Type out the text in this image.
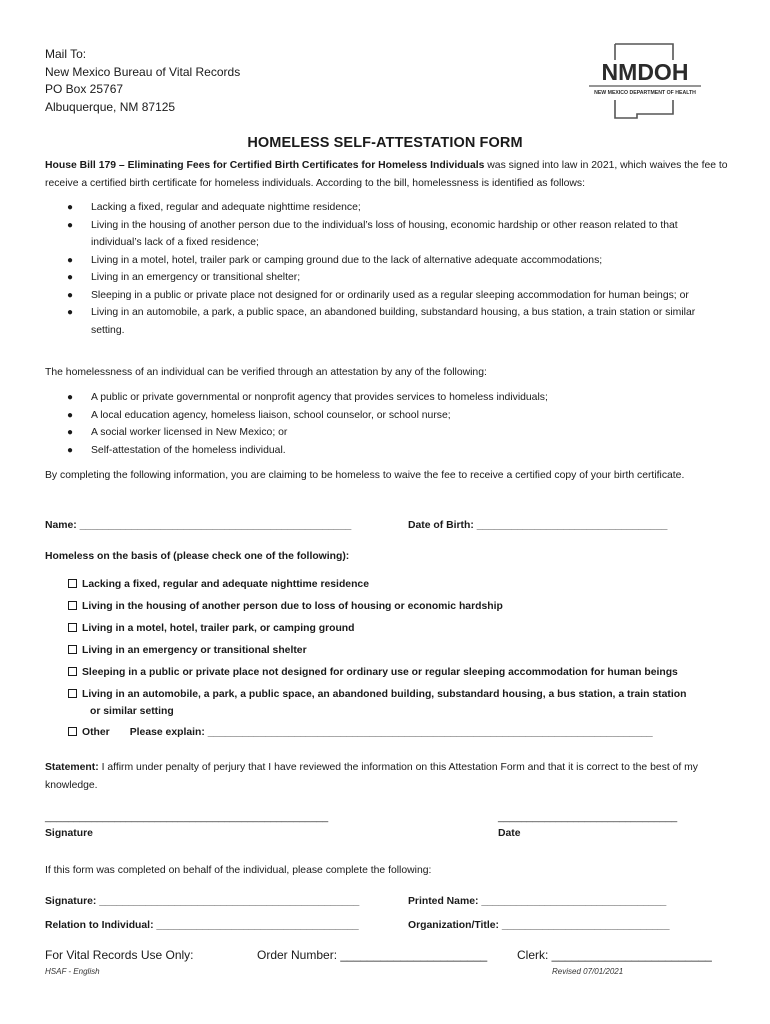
Mail To:
New Mexico Bureau of Vital Records
PO Box 25767
Albuquerque, NM 87125
NMDOH
NEW MEXICO DEPARTMENT OF HEALTH
HOMELESS SELF-ATTESTATION FORM
House Bill 179 – Eliminating Fees for Certified Birth Certificates for Homeless Individuals was signed into law in 2021, which waives the fee to receive a certified birth certificate for homeless individuals. According to the bill, homelessness is identified as follows:
● Lacking a fixed, regular and adequate nighttime residence;
● Living in the housing of another person due to the individual’s loss of housing, economic hardship or other reason related to that individual’s lack of a fixed residence;
● Living in a motel, hotel, trailer park or camping ground due to the lack of alternative adequate accommodations;
● Living in an emergency or transitional shelter;
● Sleeping in a public or private place not designed for or ordinarily used as a regular sleeping accommodation for human beings; or
● Living in an automobile, a park, a public space, an abandoned building, substandard housing, a bus station, a train station or similar setting.
The homelessness of an individual can be verified through an attestation by any of the following:
● A public or private governmental or nonprofit agency that provides services to homeless individuals;
● A local education agency, homeless liaison, school counselor, or school nurse;
● A social worker licensed in New Mexico; or
● Self-attestation of the homeless individual.
By completing the following information, you are claiming to be homeless to waive the fee to receive a certified copy of your birth certificate.
Name: _______________________________________________	Date of Birth: _________________________________
Homeless on the basis of (please check one of the following):
Lacking a fixed, regular and adequate nighttime residence
Living in the housing of another person due to loss of housing or economic hardship
Living in a motel, hotel, trailer park, or camping ground
Living in an emergency or transitional shelter
Sleeping in a public or private place not designed for ordinary use or regular sleeping accommodation for human beings
Living in an automobile, a park, a public space, an abandoned building, substandard housing, a bus station, a train station
or similar setting
Other Please explain: _____________________________________________________________________________
Statement: I affirm under penalty of perjury that I have reviewed the information on this Attestation Form and that it is correct to the best of my knowledge.
_________________________________________________	_______________________________
Signature	Date
If this form was completed on behalf of the individual, please complete the following:
Signature: _____________________________________________	Printed Name: ________________________________
Relation to Individual: ___________________________________	Organization/Title: _____________________________
For Vital Records Use Only:	Order Number: ______________________ Clerk: ________________________
HSAF - English	Revised 07/01/2021
